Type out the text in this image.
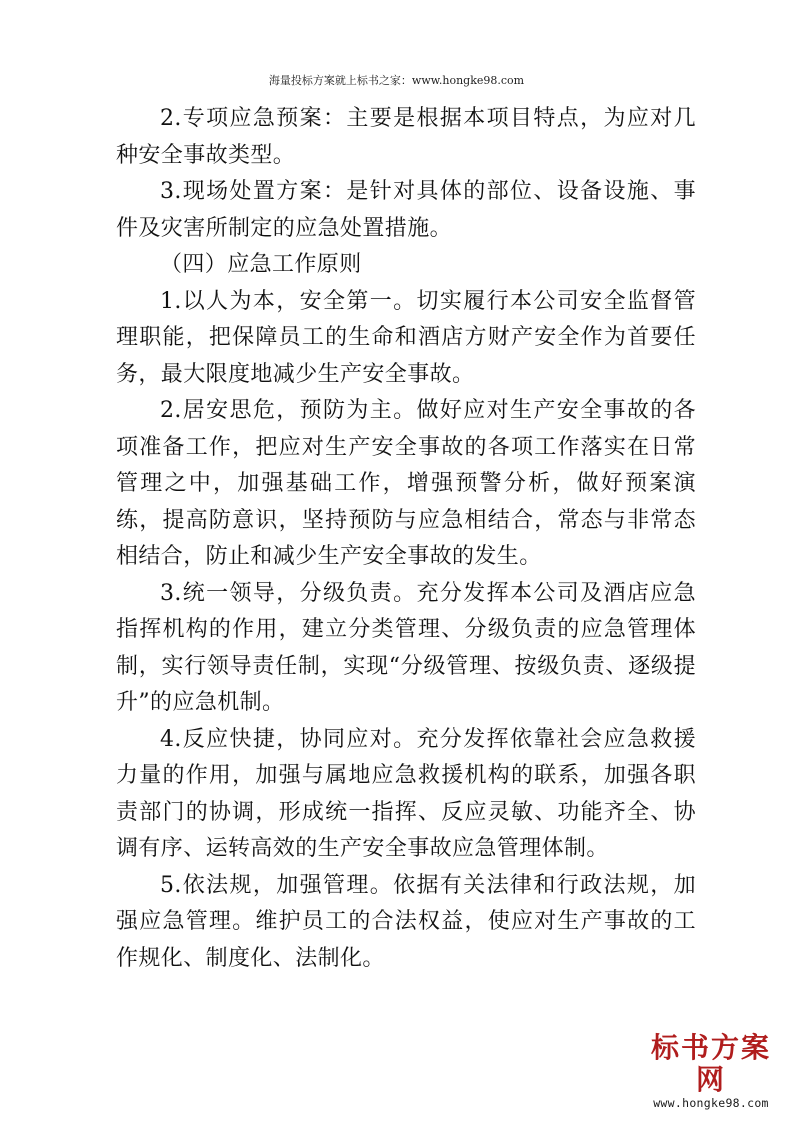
海量投标方案就上标书之家：www.hongke98.com

2.专项应急预案：主要是根据本项目特点，为应对几种安全事故类型。

3.现场处置方案：是针对具体的部位、设备设施、事件及灾害所制定的应急处置措施。

（四）应急工作原则

1.以人为本，安全第一。切实履行本公司安全监督管理职能，把保障员工的生命和酒店方财产安全作为首要任务，最大限度地减少生产安全事故。

2.居安思危，预防为主。做好应对生产安全事故的各项准备工作，把应对生产安全事故的各项工作落实在日常管理之中，加强基础工作，增强预警分析，做好预案演练，提高防意识，坚持预防与应急相结合，常态与非常态相结合，防止和减少生产安全事故的发生。

3.统一领导，分级负责。充分发挥本公司及酒店应急指挥机构的作用，建立分类管理、分级负责的应急管理体制，实行领导责任制，实现“分级管理、按级负责、逐级提升”的应急机制。

4.反应快捷，协同应对。充分发挥依靠社会应急救援力量的作用，加强与属地应急救援机构的联系，加强各职责部门的协调，形成统一指挥、反应灵敏、功能齐全、协调有序、运转高效的生产安全事故应急管理体制。

5.依法规，加强管理。依据有关法律和行政法规，加强应急管理。维护员工的合法权益，使应对生产事故的工作规化、制度化、法制化。

标书方案网
www.hongke98.com
